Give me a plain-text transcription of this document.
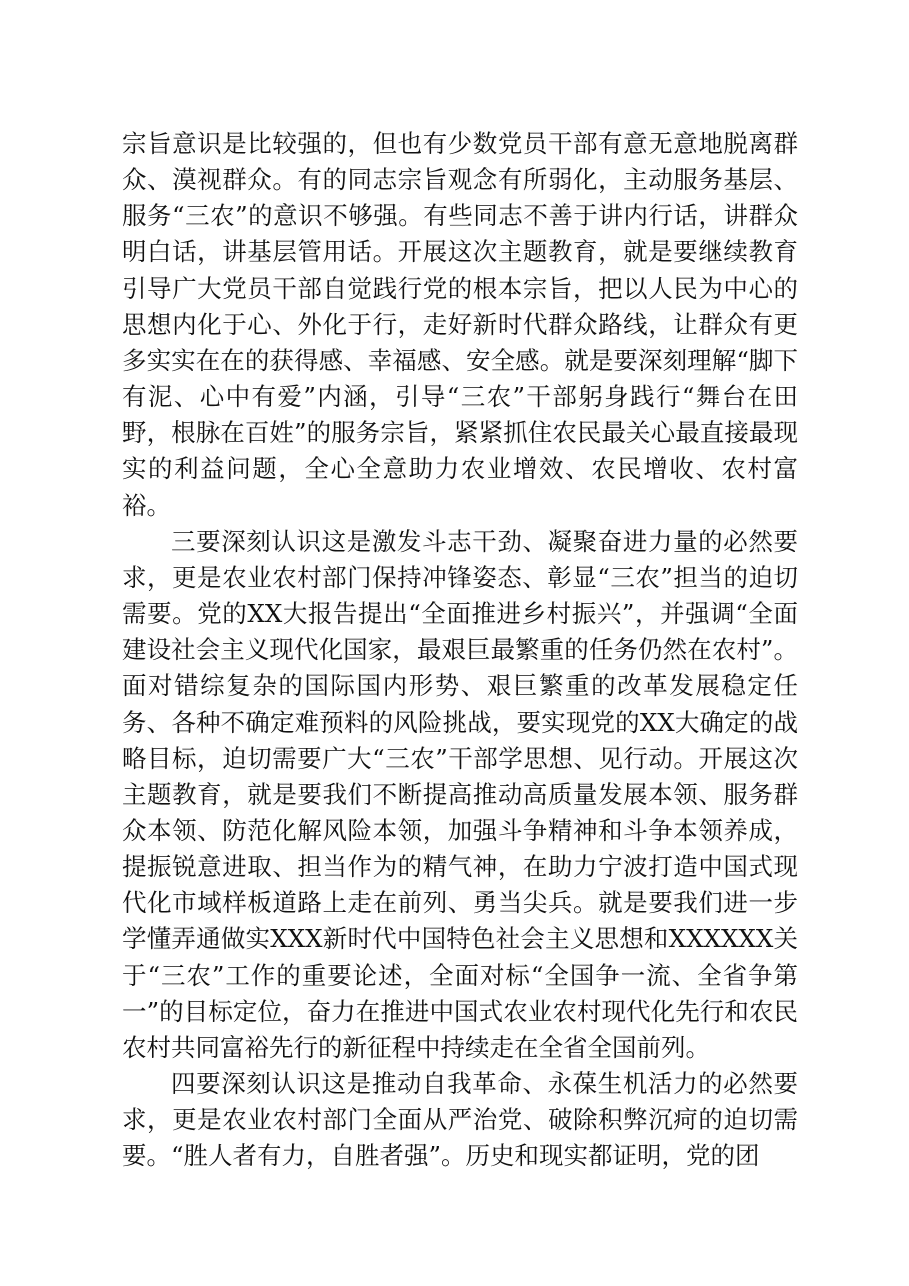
宗旨意识是比较强的，但也有少数党员干部有意无意地脱离群众、漠视群众。有的同志宗旨观念有所弱化，主动服务基层、服务“三农”的意识不够强。有些同志不善于讲内行话，讲群众明白话，讲基层管用话。开展这次主题教育，就是要继续教育引导广大党员干部自觉践行党的根本宗旨，把以人民为中心的思想内化于心、外化于行，走好新时代群众路线，让群众有更多实实在在的获得感、幸福感、安全感。就是要深刻理解“脚下有泥、心中有爱”内涵，引导“三农”干部躬身践行“舞台在田野，根脉在百姓”的服务宗旨，紧紧抓住农民最关心最直接最现实的利益问题，全心全意助力农业增效、农民增收、农村富裕。

三要深刻认识这是激发斗志干劲、凝聚奋进力量的必然要求，更是农业农村部门保持冲锋姿态、彰显“三农”担当的迫切需要。党的XX大报告提出“全面推进乡村振兴”，并强调“全面建设社会主义现代化国家，最艰巨最繁重的任务仍然在农村”。面对错综复杂的国际国内形势、艰巨繁重的改革发展稳定任务、各种不确定难预料的风险挑战，要实现党的XX大确定的战略目标，迫切需要广大“三农”干部学思想、见行动。开展这次主题教育，就是要我们不断提高推动高质量发展本领、服务群众本领、防范化解风险本领，加强斗争精神和斗争本领养成，提振锐意进取、担当作为的精气神，在助力宁波打造中国式现代化市域样板道路上走在前列、勇当尖兵。就是要我们进一步学懂弄通做实XXX新时代中国特色社会主义思想和XXXXXX关于“三农”工作的重要论述，全面对标“全国争一流、全省争第一”的目标定位，奋力在推进中国式农业农村现代化先行和农民农村共同富裕先行的新征程中持续走在全省全国前列。

四要深刻认识这是推动自我革命、永葆生机活力的必然要求，更是农业农村部门全面从严治党、破除积弊沉疴的迫切需要。“胜人者有力，自胜者强”。历史和现实都证明，党的团
